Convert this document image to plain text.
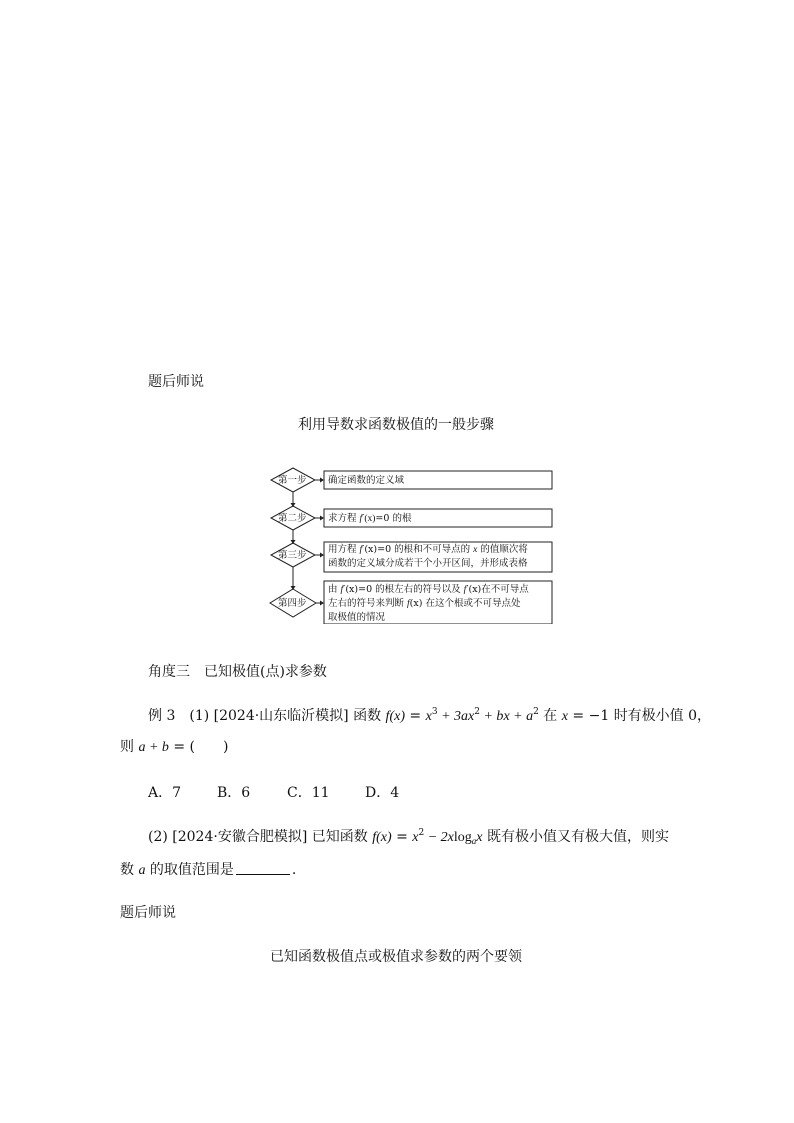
题后师说
利用导数求函数极值的一般步骤
第一步
第二步
第三步
第四步
确定函数的定义域
求方程 f′(x)=0 的根
用方程 f′(x)=0 的根和不可导点的 x 的值顺次将
函数的定义域分成若干个小开区间，并形成表格
由 f′(x)=0 的根左右的符号以及 f′(x)在不可导点
左右的符号来判断 f(x) 在这个根或不可导点处
取极值的情况
角度三　已知极值(点)求参数
例 3　(1) [2024·山东临沂模拟] 函数 $f(x) = x^3 + 3ax^2$ + bx + $a^2$ 在 x = −1 时有极小值 0，
则 a + b = (　　)
A．7	B．6	C．11	D．4
(2) [2024·安徽合肥模拟] 已知函数 $f(x) = x^2 - 2xlog_ax$ 既有极小值又有极大值，则实
数 a 的取值范围是	.
题后师说
已知函数极值点或极值求参数的两个要领
